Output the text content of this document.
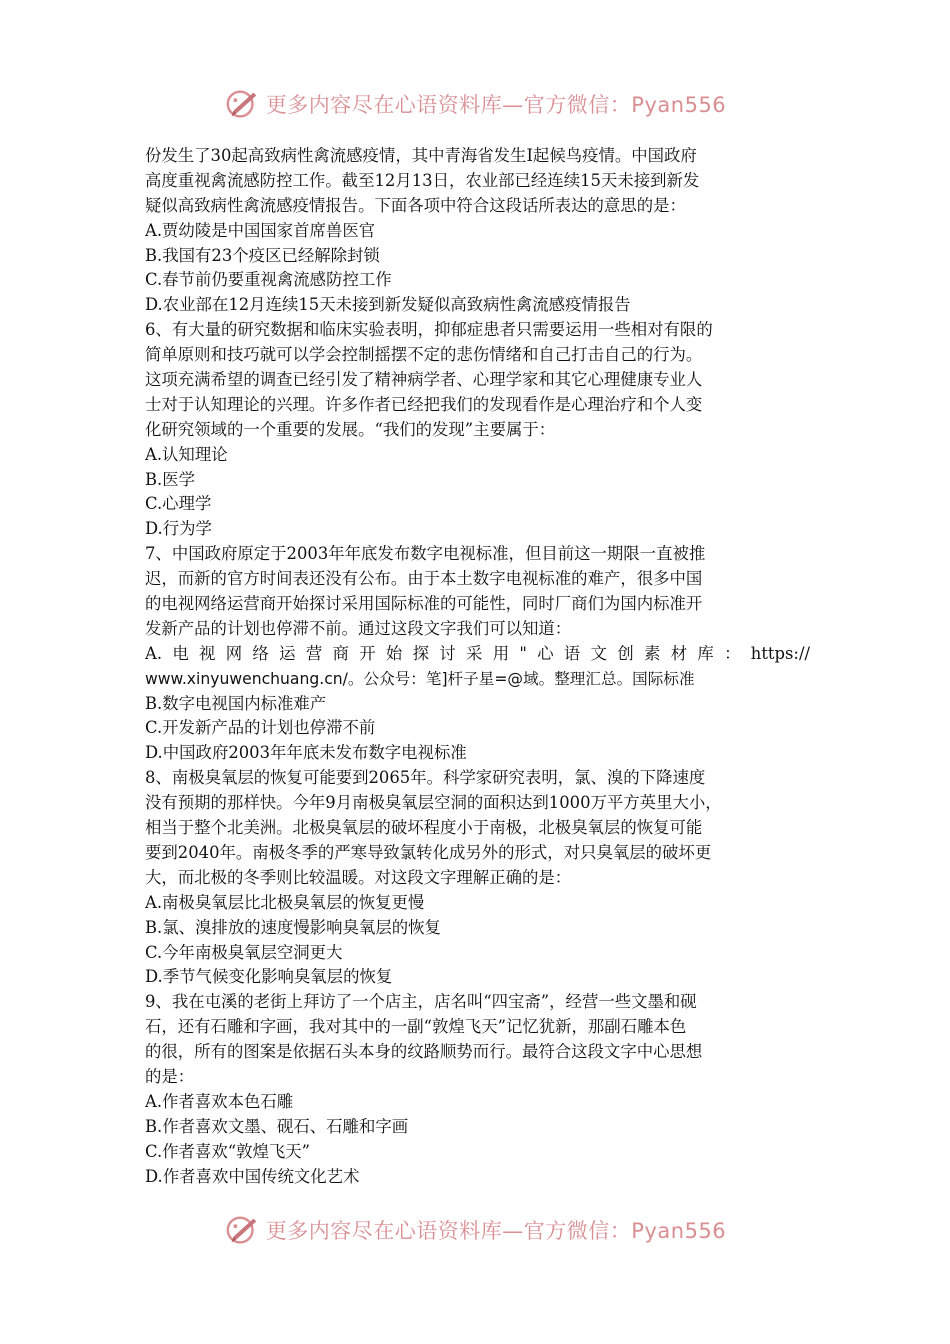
更多内容尽在心语资料库—官方微信：Pyan556
份发生了30起高致病性禽流感疫情，其中青海省发生I起候鸟疫情。中国政府
高度重视禽流感防控工作。截至12月13日，农业部已经连续15天未接到新发
疑似高致病性禽流感疫情报告。下面各项中符合这段话所表达的意思的是：
A.贾幼陵是中国国家首席兽医官
B.我国有23个疫区已经解除封锁
C.春节前仍要重视禽流感防控工作
D.农业部在12月连续15天未接到新发疑似高致病性禽流感疫情报告
6、有大量的研究数据和临床实验表明，抑郁症患者只需要运用一些相对有限的
简单原则和技巧就可以学会控制摇摆不定的悲伤情绪和自己打击自己的行为。
这项充满希望的调查已经引发了精神病学者、心理学家和其它心理健康专业人
士对于认知理论的兴理。许多作者已经把我们的发现看作是心理治疗和个人变
化研究领域的一个重要的发展。“我们的发现”主要属于：
A.认知理论
B.医学
C.心理学
D.行为学
7、中国政府原定于2003年年底发布数字电视标准，但目前这一期限一直被推
迟，而新的官方时间表还没有公布。由于本土数字电视标准的难产，很多中国
的电视网络运营商开始探讨采用国际标准的可能性，同时厂商们为国内标准开
发新产品的计划也停滞不前。通过这段文字我们可以知道：
A.电视网络运营商开始探讨采用"心语文创素材库：https://
www.xinyuwenchuang.cn/。公众号：笔]杆子星=@域。整理汇总。国际标准
B.数字电视国内标准难产
C.开发新产品的计划也停滞不前
D.中国政府2003年年底未发布数字电视标准
8、南极臭氧层的恢复可能要到2065年。科学家研究表明，氯、溴的下降速度
没有预期的那样快。今年9月南极臭氧层空洞的面积达到1000万平方英里大小，
相当于整个北美洲。北极臭氧层的破坏程度小于南极，北极臭氧层的恢复可能
要到2040年。南极冬季的严寒导致氯转化成另外的形式，对只臭氧层的破坏更
大，而北极的冬季则比较温暖。对这段文字理解正确的是：
A.南极臭氧层比北极臭氧层的恢复更慢
B.氯、溴排放的速度慢影响臭氧层的恢复
C.今年南极臭氧层空洞更大
D.季节气候变化影响臭氧层的恢复
9、我在屯溪的老街上拜访了一个店主，店名叫“四宝斋”，经营一些文墨和砚
石，还有石雕和字画，我对其中的一副“敦煌飞天”记忆犹新，那副石雕本色
的很，所有的图案是依据石头本身的纹路顺势而行。最符合这段文字中心思想
的是：
A.作者喜欢本色石雕
B.作者喜欢文墨、砚石、石雕和字画
C.作者喜欢“敦煌飞天”
D.作者喜欢中国传统文化艺术
更多内容尽在心语资料库—官方微信：Pyan556
